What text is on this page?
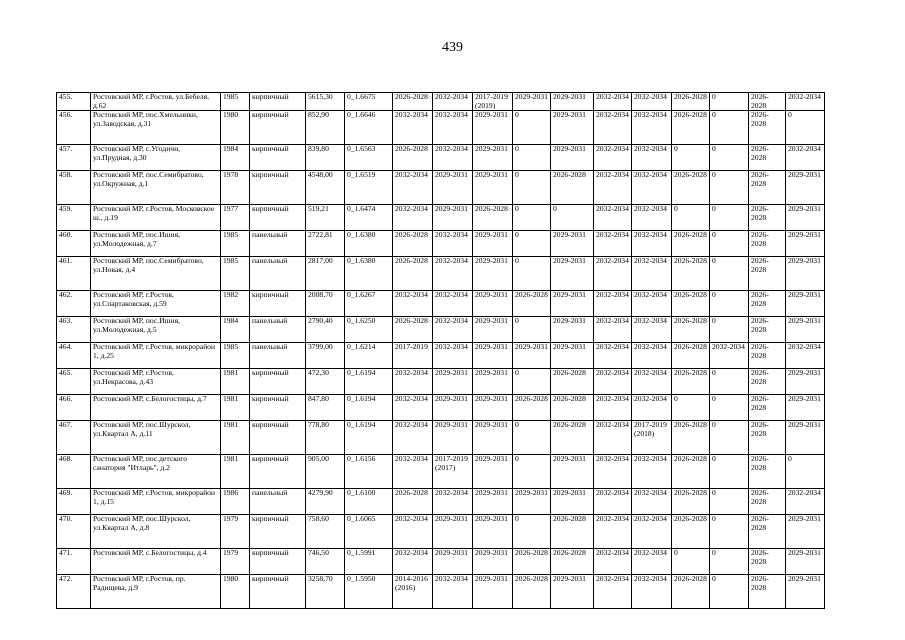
439
455.	Ростовский МР, г.Ростов, ул.Бебеля, д.62	1985	кирпичный	5615,30	0_1.6675	2026-2028	2032-2034	2017-2019 (2019)	2029-2031	2029-2031	2032-2034	2032-2034	2026-2028	0	2026-2028	2032-2034
456.	Ростовский МР, пос.Хмельники, ул.Заводская, д.31	1980	кирпичный	852,90	0_1.6646	2032-2034	2032-2034	2029-2031	0	2029-2031	2032-2034	2032-2034	2026-2028	0	2026-2028	0
457.	Ростовский МР, с.Угодичи, ул.Прудная, д.30	1984	кирпичный	839,80	0_1.6563	2026-2028	2032-2034	2029-2031	0	2029-2031	2032-2034	2032-2034	0	0	2026-2028	2032-2034
458.	Ростовский МР, пос.Семибратово, ул.Окружная, д.1	1978	кирпичный	4548,00	0_1.6519	2032-2034	2029-2031	2029-2031	0	2026-2028	2032-2034	2032-2034	2026-2028	0	2026-2028	2029-2031
459.	Ростовский МР, г.Ростов, Московское ш., д.19	1977	кирпичный	519,21	0_1.6474	2032-2034	2029-2031	2026-2028	0	0	2032-2034	2032-2034	0	0	2026-2028	2029-2031
460.	Ростовский МР, пос.Ишня, ул.Молодежная, д.7	1985	панельный	2722,81	0_1.6380	2026-2028	2032-2034	2029-2031	0	2029-2031	2032-2034	2032-2034	2026-2028	0	2026-2028	2029-2031
461.	Ростовский МР, пос.Семибратово, ул.Новая, д.4	1985	панельный	2817,00	0_1.6380	2026-2028	2032-2034	2029-2031	0	2029-2031	2032-2034	2032-2034	2026-2028	0	2026-2028	2029-2031
462.	Ростовский МР, г.Ростов, ул.Спартаковская, д.59	1982	кирпичный	2008,70	0_1.6267	2032-2034	2032-2034	2029-2031	2026-2028	2029-2031	2032-2034	2032-2034	2026-2028	0	2026-2028	2029-2031
463.	Ростовский МР, пос.Ишня, ул.Молодежная, д.5	1984	панельный	2790,40	0_1.6250	2026-2028	2032-2034	2029-2031	0	2029-2031	2032-2034	2032-2034	2026-2028	0	2026-2028	2029-2031
464.	Ростовский МР, г.Ростов, микрорайон 1, д.25	1985	панельный	3799,00	0_1.6214	2017-2019	2032-2034	2029-2031	2029-2031	2029-2031	2032-2034	2032-2034	2026-2028	2032-2034	2026-2028	2032-2034
465.	Ростовский МР, г.Ростов, ул.Некрасова, д.43	1981	кирпичный	472,30	0_1.6194	2032-2034	2029-2031	2029-2031	0	2026-2028	2032-2034	2032-2034	2026-2028	0	2026-2028	2029-2031
466.	Ростовский МР, с.Белогостицы, д.7	1981	кирпичный	847,80	0_1.6194	2032-2034	2029-2031	2029-2031	2026-2028	2026-2028	2032-2034	2032-2034	0	0	2026-2028	2029-2031
467.	Ростовский МР, пос.Шурскол, ул.Квартал А, д.11	1981	кирпичный	778,80	0_1.6194	2032-2034	2029-2031	2029-2031	0	2026-2028	2032-2034	2017-2019 (2018)	2026-2028	0	2026-2028	2029-2031
468.	Ростовский МР, пос.детского санатория "Итларь", д.2	1981	кирпичный	905,00	0_1.6156	2032-2034	2017-2019 (2017)	2029-2031	0	2029-2031	2032-2034	2032-2034	2026-2028	0	2026-2028	0
469.	Ростовский МР, г.Ростов, микрорайон 1, д.15	1986	панельный	4279,90	0_1.6100	2026-2028	2032-2034	2029-2031	2029-2031	2029-2031	2032-2034	2032-2034	2026-2028	0	2026-2028	2032-2034
470.	Ростовский МР, пос.Шурскол, ул.Квартал А, д.8	1979	кирпичный	758,60	0_1.6065	2032-2034	2029-2031	2029-2031	0	2026-2028	2032-2034	2032-2034	2026-2028	0	2026-2028	2029-2031
471.	Ростовский МР, с.Белогостицы, д.4	1979	кирпичный	746,50	0_1.5991	2032-2034	2029-2031	2029-2031	2026-2028	2026-2028	2032-2034	2032-2034	0	0	2026-2028	2029-2031
472.	Ростовский МР, г.Ростов, пр. Радищева, д.9	1980	кирпичный	3258,70	0_1.5950	2014-2016 (2016)	2032-2034	2029-2031	2026-2028	2029-2031	2032-2034	2032-2034	2026-2028	0	2026-2028	2029-2031
